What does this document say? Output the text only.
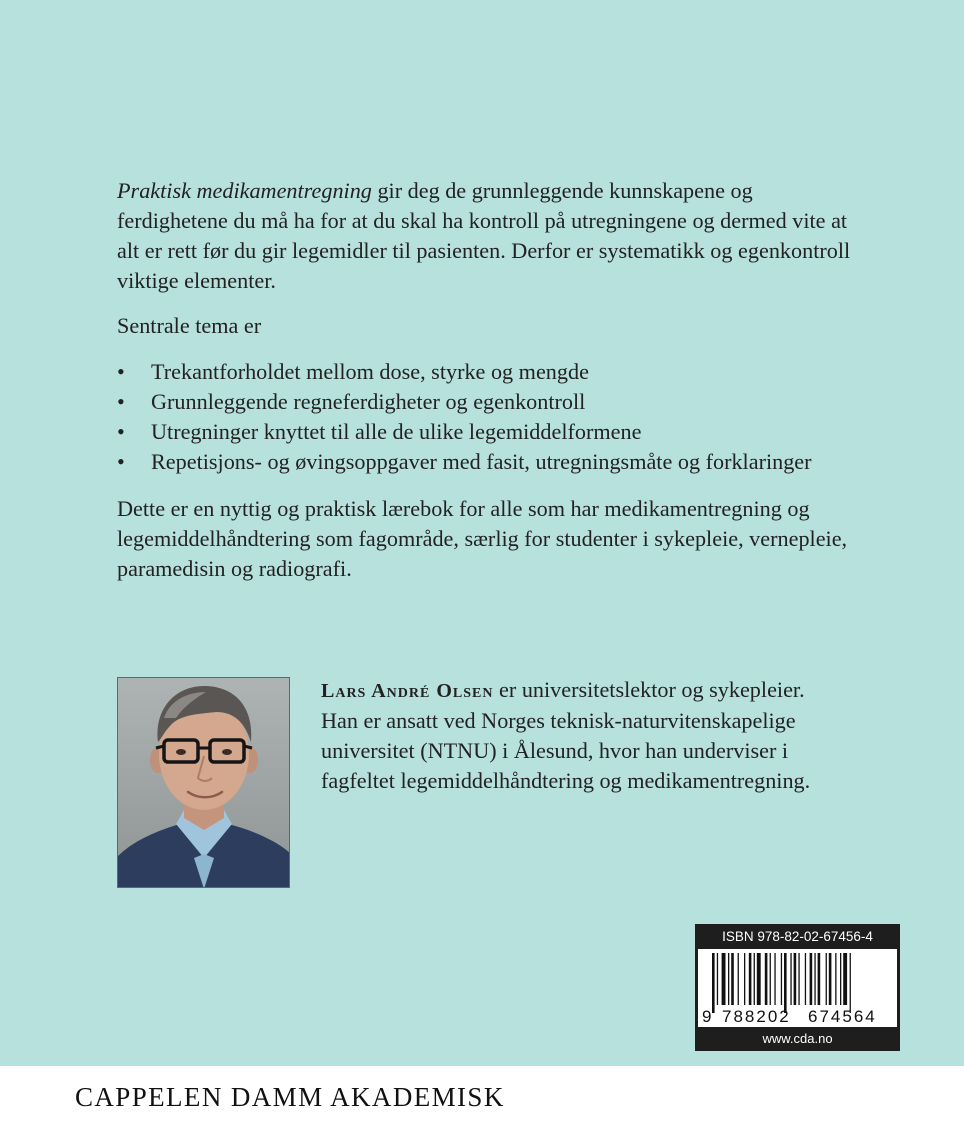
Praktisk medikamentregning gir deg de grunnleggende kunnskapene og ferdighetene du må ha for at du skal ha kontroll på utregningene og dermed vite at alt er rett før du gir legemidler til pasienten. Derfor er systematikk og egenkontroll viktige elementer.

Sentrale tema er

• Trekantforholdet mellom dose, styrke og mengde
• Grunnleggende regneferdigheter og egenkontroll
• Utregninger knyttet til alle de ulike legemiddelformene
• Repetisjons- og øvingsoppgaver med fasit, utregningsmåte og forklaringer

Dette er en nyttig og praktisk lærebok for alle som har medikamentregning og legemiddelhåndtering som fagområde, særlig for studenter i sykepleie, vernepleie, paramedisin og radiografi.

Lars André Olsen er universitetslektor og sykepleier. Han er ansatt ved Norges teknisk-naturvitenskapelige universitet (NTNU) i Ålesund, hvor han underviser i fagfeltet legemiddelhåndtering og medikamentregning.
ISBN 978-82-02-67456-4
9 788202 674564
www.cda.no
CAPPELEN DAMM AKADEMISK
